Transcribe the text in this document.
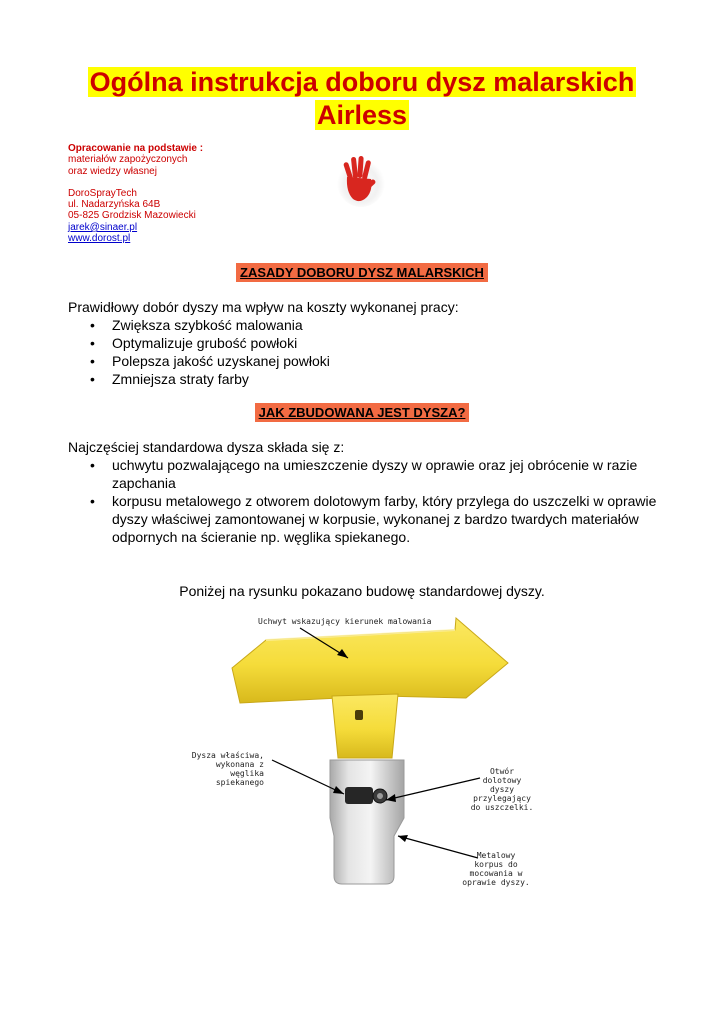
Ogólna instrukcja doboru dysz malarskich
Airless
Opracowanie na podstawie :
materiałów zapożyczonych
oraz wiedzy własnej
DoroSprayTech
ul. Nadarzyńska 64B
05-825 Grodzisk Mazowiecki
jarek@sinaer.pl
www.dorost.pl
ZASADY DOBORU DYSZ MALARSKICH
Prawidłowy dobór dyszy ma wpływ na koszty wykonanej pracy:
• Zwiększa szybkość malowania
• Optymalizuje grubość powłoki
• Polepsza jakość uzyskanej powłoki
• Zmniejsza straty farby
JAK ZBUDOWANA JEST DYSZA?
Najczęściej standardowa dysza składa się z:
• uchwytu pozwalającego na umieszczenie dyszy w oprawie oraz jej obrócenie w razie zapchania
• korpusu metalowego z otworem dolotowym farby, który przylega do uszczelki w oprawie dyszy właściwej zamontowanej w korpusie, wykonanej z bardzo twardych materiałów odpornych na ścieranie np. węglika spiekanego.
Poniżej na rysunku pokazano budowę standardowej dyszy.
Uchwyt wskazujący kierunek malowania
Dysza właściwa,
wykonana z
węglika
spiekanego
Otwór
dolotowy
dyszy
przylegający
do uszczelki.
Metalowy
korpus do
mocowania w
oprawie dyszy.
